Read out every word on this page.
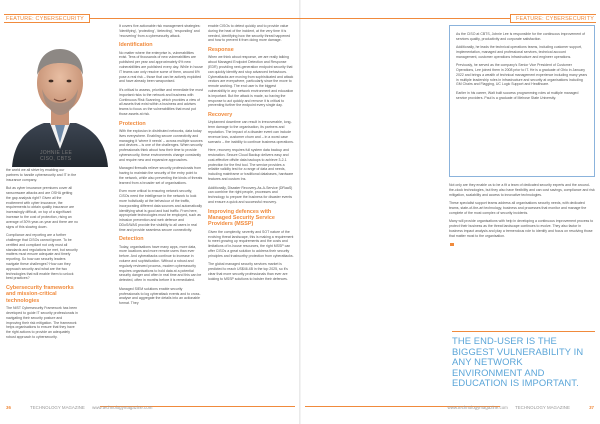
FEATURE: CYBERSECURITY	FEATURE: CYBERSECURITY
JOHNIE LEE
CISO, CBTS

the world we all strive by enabling our partners to handle cybersecurity and IT in the insurance company.

But as cyber insurance premiums cover all ransomware attacks and are OSHA getting the gap analysis right? Given all the excitement with cyber insurance, the requirements to obtain quality insurance are increasingly difficult, on top of a significant increase to the cost of protection, rising an average of 30% year-on-year and there are no signs of this slowing down.

Compliance and reporting are a further challenge that CISOs cannot ignore. To be certified and compliant not only must all standards and regulations be met, but security matters must ensure adequate and timely reporting. So how can security leaders navigate these challenges? How can they approach security and what are the two technologies that will enable them to unlock best practices?

Cybersecurity frameworks and mission-critical technologies

The NIST Cybersecurity Framework has been developed to guide IT security professionals in navigating their security posture and improving their risk mitigation. The framework helps organisations to ensure that they have the right actions to provide an adequately robust approach to cybersecurity.

It covers five actionable risk management strategies: 'identifying', 'protecting', 'detecting', 'responding' and 'recovering' from a cybersecurity attack.

Identification

No matter where the enterprise is, vulnerabilities exist. Tens of thousands of new vulnerabilities are published per year and approximately 6% new vulnerabilities are published every day. While in house IT teams can only resolve some of them, around 6% pose a real risk – those that can be actively exploited and have already been weaponised.

It's critical to assess, prioritise and remediate the most important risks to the network and business with Continuous Risk Scanning, which provides a view of all assets that exist within a business and advises teams to focus on the vulnerabilities that most put those assets at risk.

Protection

With the explosion in distributed networks, data today lives everywhere. Enabling secure connectivity and managing it 'where it needs' – across multiple sources and devices – is one of the challenges. When security professionals think about how their time to provide cybersecurity, these environments change constantly and require new and expansive approaches.

Managed firewalls relieve security professionals from having to maintain the security of the entry point to the network, while also preventing the kinds of threats learned from a broader set of organisations.

Even more critical to ensuring network security, CISOs need the intelligence in the network to look more holistically at the behaviour of the traffic, incorporating different data sources and automatically identifying what is good and bad traffic. From here, appropriate technologies must be employed, such as intrusion prevention and web defence and DDoS/WAS provide the visibility to all users in real time and provide seamless secure connectivity.

Detection

Today, organisations have many apps, more data, more locations and more remote users than ever before. And cyberattacks continue to increase in volume and sophistication. Without a robust and regularly reviewed process, modern cybersecurity requires organisations to hold data at a potential security danger and often in real time and this can be detected, often in months before it is remediated.

Managed SIEM solutions enable security professionals to log cyberattack events and to cross-analyse and aggregate the details into an actionable format. They

enable CISOs to detect quickly and to provide value during the heat of the incident, at the very time it is needed, identifying how the security threat happened and how to prevent it from doing more damage.

Response

When we think about response, we are really talking about Managed Endpoint Detection and Response (EDR) providing next-generation endpoint security that can quickly identify and stop advanced behaviours. Cyberattacks are moving from sophisticated and attack vectors are everywhere, particularly since the move to remote working. The end user is the biggest vulnerability in any network environment and education is important. But the attack is made, so having the response to act quickly and remove it is critical to preventing further the endpoint every single day.

Recovery

Unplanned downtime can result in irrecoverable, long-term damage to the organisation, its partners and reputation. The impact of a disaster event can include revenue loss, customer churn and – in a worst case scenario – the inability to continue business operations.

Here, recovery requires full system data backup and restoration. Secure Cloud Backup delivers easy and cost-effective offsite data backups to achieve 3-2-1 protection for the first tool. The service provides a reliable validity test for a range of data and needs, including mainframe or traditional databases, hardware features and custom Ins.

Additionally, Disaster Recovery-As-A-Service (DRaaS) can combine the right people, processes and technology to prepare the business for disaster events and ensure a quick and successful recovery.

Improving defences with Managed Security Service Providers (MSSP)

Given the complexity, severity and SOT nature of the evolving threat landscape, this is making a requirement to meet growing up requirements and the costs and limitations of in-house resources, the right MSSP can offer CISOs a great solution to address their security principles and trustworthy protection from cyberattacks.

The global managed security services market is predicted to reach US$46.4B in the top 2025, so it's clear that more security professionals than ever are looking to MSSP solutions to bolster their defences.

As the CISO at CBTS, Johnie Lee is responsible for the continuous improvement of services quality, productivity and corporate satisfaction.

Additionally, he leads the technical operations teams, including customer support, implementation, managed and professional services, technical account management, customer operations infrastructure and engineer operations.

Previously, he served as the company's Senior Vice President of Customer Operations, Lee joined them in 2008 prior to IT. He is a graduate of Ohio in January 2022 and brings a wealth of technical management experience including many years in multiple leadership roles in infrastructure and security at organisations including GM Chairs and Flagging, UC Logic Support and Healthcare.

Earlier in his career, Walt built success programming roles at multiple managed service providers. Paul is a graduate of Melrose State University.

Not only are they enable us to be a fit a team of dedicated security experts and the around-the-clock technologies, but they also have flexibility and can cost savings, compliance and risk mitigation, scalability and access to innovative technologies.

These specialist support teams address all organisations security needs, with dedicated teams, state-of-the-art technology, business and processes that monitor and manage the complete of the most complex of security incidents.

Many will provide organisations with help in developing a continuous improvement process to protect their business as the threat landscape continues to evolve. They also factor in business impact analysis and play a tremendous role to identify and focus on resolving those that matter most to the organisation.

THE END-USER IS THE BIGGEST VULNERABILITY IN ANY NETWORK ENVIRONMENT AND EDUCATION IS IMPORTANT.
36	TECHNOLOGY MAGAZINE www.technologymagazine.com	www.technologymagazine.com TECHNOLOGY MAGAZINE	37
